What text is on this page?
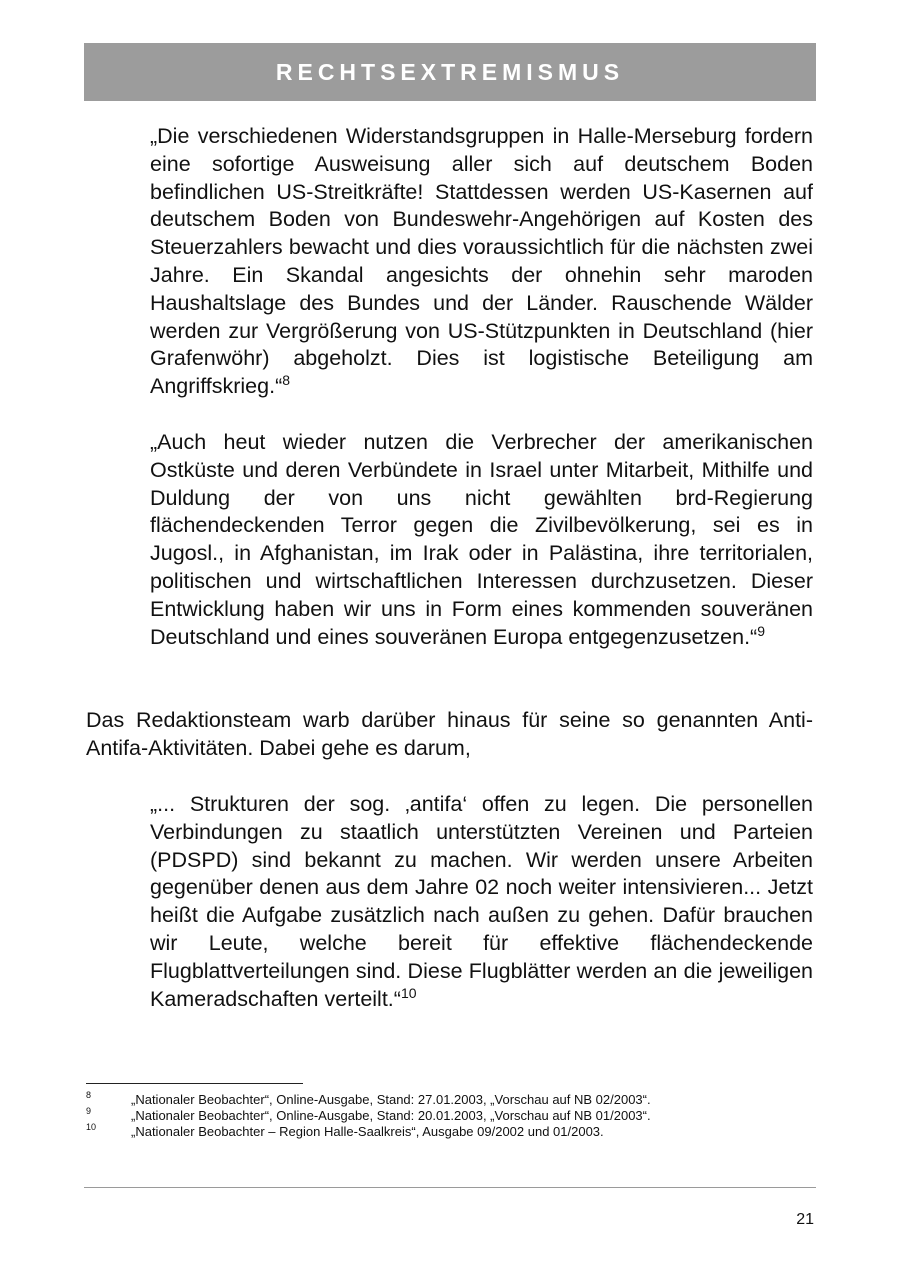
RECHTSEXTREMISMUS

„Die verschiedenen Widerstandsgruppen in Halle-Merseburg fordern eine sofortige Ausweisung aller sich auf deutschem Boden befindlichen US-Streitkräfte! Stattdessen werden US-Kasernen auf deutschem Boden von Bundeswehr-Angehörigen auf Kosten des Steuerzahlers bewacht und dies voraussichtlich für die nächsten zwei Jahre. Ein Skandal angesichts der ohnehin sehr maroden Haushaltslage des Bundes und der Länder. Rauschende Wälder werden zur Vergrößerung von US-Stützpunkten in Deutschland (hier Grafenwöhr) abgeholzt. Dies ist logistische Beteiligung am Angriffskrieg.“$^8$

„Auch heut wieder nutzen die Verbrecher der amerikanischen Ostküste und deren Verbündete in Israel unter Mitarbeit, Mithilfe und Duldung der von uns nicht gewählten brd-Regierung flächendeckenden Terror gegen die Zivilbevölkerung, sei es in Jugosl., in Afghanistan, im Irak oder in Palästina, ihre territorialen, politischen und wirtschaftlichen Interessen durchzusetzen. Dieser Entwicklung haben wir uns in Form eines kommenden souveränen Deutschland und eines souveränen Europa entgegenzusetzen.“$^9$

Das Redaktionsteam warb darüber hinaus für seine so genannten Anti-Antifa-Aktivitäten. Dabei gehe es darum,

„... Strukturen der sog. ‚antifa‘ offen zu legen. Die personellen Verbindungen zu staatlich unterstützten Vereinen und Parteien (PDSPD) sind bekannt zu machen. Wir werden unsere Arbeiten gegenüber denen aus dem Jahre 02 noch weiter intensivieren... Jetzt heißt die Aufgabe zusätzlich nach außen zu gehen. Dafür brauchen wir Leute, welche bereit für effektive flächendeckende Flugblattverteilungen sind. Diese Flugblätter werden an die jeweiligen Kameradschaften verteilt.“$^{10}$

8	„Nationaler Beobachter“, Online-Ausgabe, Stand: 27.01.2003, „Vorschau auf NB 02/2003“.
9	„Nationaler Beobachter“, Online-Ausgabe, Stand: 20.01.2003, „Vorschau auf NB 01/2003“.
10	„Nationaler Beobachter – Region Halle-Saalkreis“, Ausgabe 09/2002 und 01/2003.
21
